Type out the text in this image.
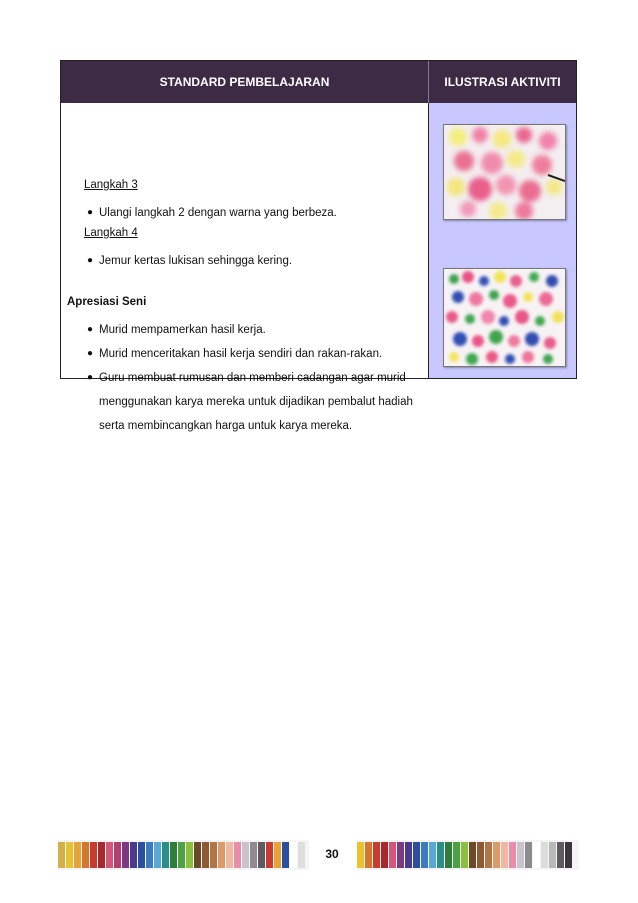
STANDARD PEMBELAJARAN	ILUSTRASI AKTIVITI
Langkah 3
● Ulangi langkah 2 dengan warna yang berbeza.
Langkah 4
● Jemur kertas lukisan sehingga kering.
Apresiasi Seni
● Murid mempamerkan hasil kerja.
● Murid menceritakan hasil kerja sendiri dan rakan-rakan.
● Guru membuat rumusan dan memberi cadangan agar murid
menggunakan karya mereka untuk dijadikan pembalut hadiah
serta membincangkan harga untuk karya mereka.
30
